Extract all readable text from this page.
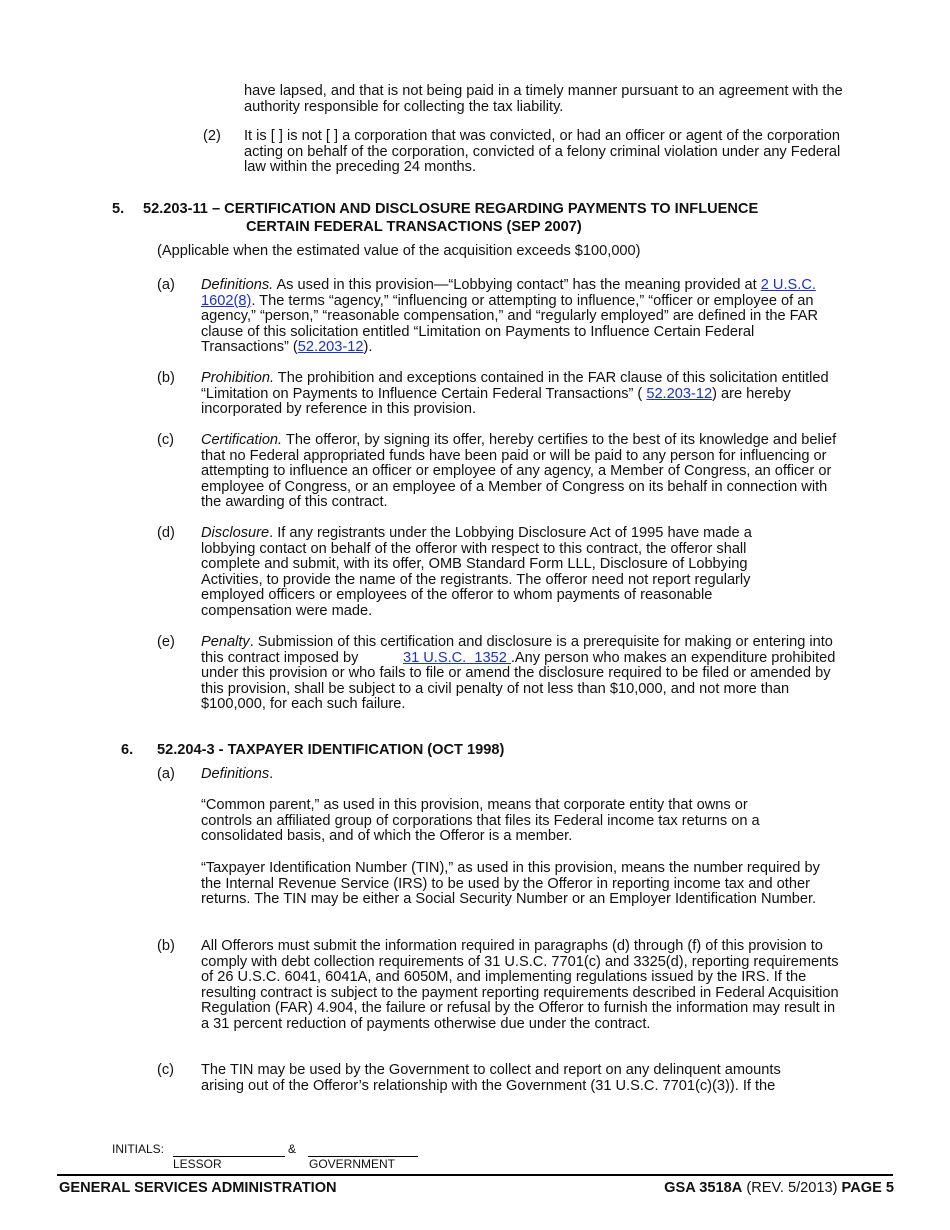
have lapsed, and that is not being paid in a timely manner pursuant to an agreement with the authority responsible for collecting the tax liability.

(2) It is [ ] is not [ ] a corporation that was convicted, or had an officer or agent of the corporation acting on behalf of the corporation, convicted of a felony criminal violation under any Federal law within the preceding 24 months.

5. 52.203-11 – CERTIFICATION AND DISCLOSURE REGARDING PAYMENTS TO INFLUENCE
CERTAIN FEDERAL TRANSACTIONS (SEP 2007)

(Applicable when the estimated value of the acquisition exceeds $100,000)

(a) Definitions. As used in this provision—“Lobbying contact” has the meaning provided at 2 U.S.C. 1602(8). The terms “agency,” “influencing or attempting to influence,” “officer or employee of an agency,” “person,” “reasonable compensation,” and “regularly employed” are defined in the FAR clause of this solicitation entitled “Limitation on Payments to Influence Certain Federal Transactions” (52.203-12).

(b) Prohibition. The prohibition and exceptions contained in the FAR clause of this solicitation entitled “Limitation on Payments to Influence Certain Federal Transactions” ( 52.203-12) are hereby incorporated by reference in this provision.

(c) Certification. The offeror, by signing its offer, hereby certifies to the best of its knowledge and belief that no Federal appropriated funds have been paid or will be paid to any person for influencing or attempting to influence an officer or employee of any agency, a Member of Congress, an officer or employee of Congress, or an employee of a Member of Congress on its behalf in connection with the awarding of this contract.

(d) Disclosure. If any registrants under the Lobbying Disclosure Act of 1995 have made a lobbying contact on behalf of the offeror with respect to this contract, the offeror shall complete and submit, with its offer, OMB Standard Form LLL, Disclosure of Lobbying Activities, to provide the name of the registrants. The offeror need not report regularly employed officers or employees of the offeror to whom payments of reasonable compensation were made.

(e) Penalty. Submission of this certification and disclosure is a prerequisite for making or entering into this contract imposed by           31 U.S.C.  1352 .Any person who makes an expenditure prohibited under this provision or who fails to file or amend the disclosure required to be filed or amended by this provision, shall be subject to a civil penalty of not less than $10,000, and not more than $100,000, for each such failure.

6. 52.204-3 - TAXPAYER IDENTIFICATION (OCT 1998)
(a) Definitions.

“Common parent,” as used in this provision, means that corporate entity that owns or controls an affiliated group of corporations that files its Federal income tax returns on a consolidated basis, and of which the Offeror is a member.

“Taxpayer Identification Number (TIN),” as used in this provision, means the number required by the Internal Revenue Service (IRS) to be used by the Offeror in reporting income tax and other returns. The TIN may be either a Social Security Number or an Employer Identification Number.

(b) All Offerors must submit the information required in paragraphs (d) through (f) of this provision to comply with debt collection requirements of 31 U.S.C. 7701(c) and 3325(d), reporting requirements of 26 U.S.C. 6041, 6041A, and 6050M, and implementing regulations issued by the IRS. If the resulting contract is subject to the payment reporting requirements described in Federal Acquisition Regulation (FAR) 4.904, the failure or refusal by the Offeror to furnish the information may result in a 31 percent reduction of payments otherwise due under the contract.

(c) The TIN may be used by the Government to collect and report on any delinquent amounts arising out of the Offeror’s relationship with the Government (31 U.S.C. 7701(c)(3)). If the

INITIALS:	&
LESSOR	GOVERNMENT
GENERAL SERVICES ADMINISTRATION	GSA 3518A (REV. 5/2013) PAGE 5
